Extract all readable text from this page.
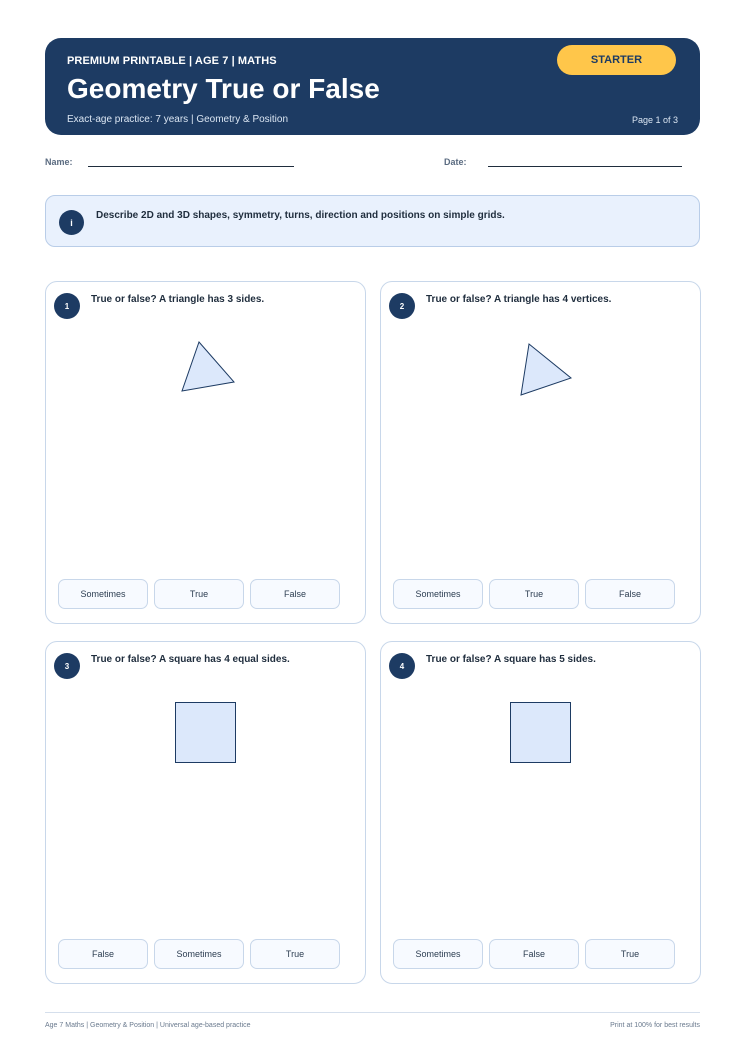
PREMIUM PRINTABLE | AGE 7 | MATHS
Geometry True or False
Exact-age practice: 7 years | Geometry & Position	Page 1 of 3
STARTER
Name:	Date:
i
Describe 2D and 3D shapes, symmetry, turns, direction and positions on simple grids.
1
True or false? A triangle has 3 sides.
Sometimes	True	False
2
True or false? A triangle has 4 vertices.
Sometimes	True	False
3
True or false? A square has 4 equal sides.
False	Sometimes	True
4
True or false? A square has 5 sides.
Sometimes	False	True
Age 7 Maths | Geometry & Position | Universal age-based practice	Print at 100% for best results
